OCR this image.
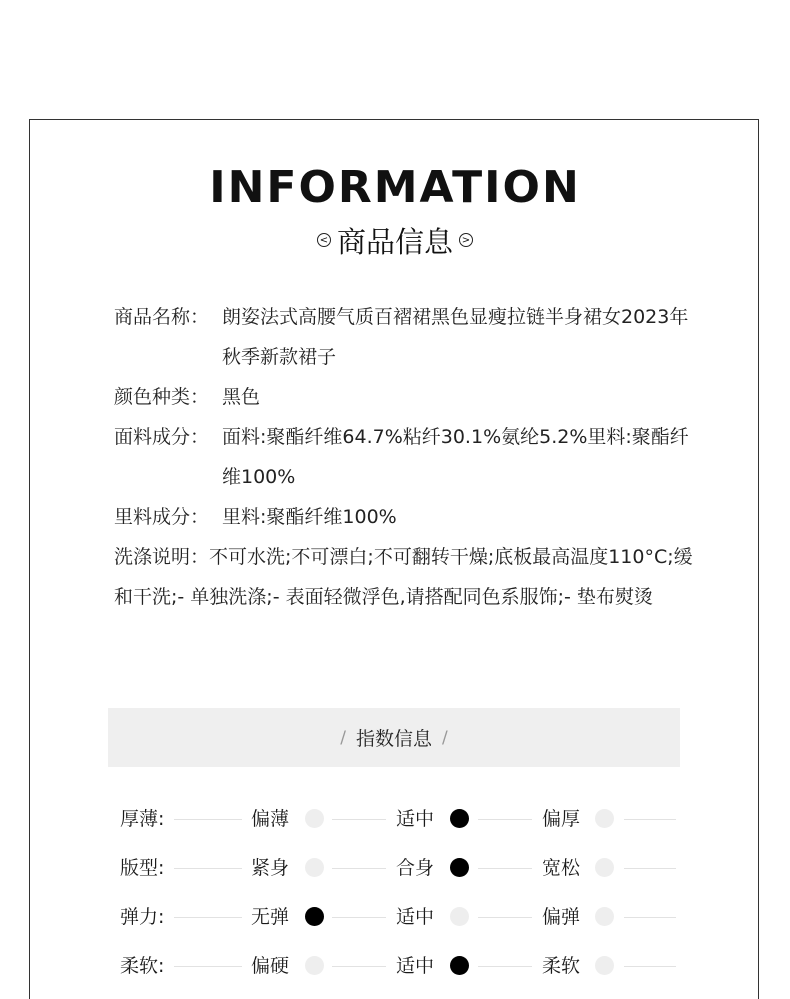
INFORMATION
< 商品信息 >
商品名称： 朗姿法式高腰气质百褶裙黑色显瘦拉链半身裙女2023年秋季新款裙子
颜色种类： 黑色
面料成分： 面料:聚酯纤维64.7%粘纤30.1%氨纶5.2%里料:聚酯纤维100%
里料成分： 里料:聚酯纤维100%
洗涤说明：不可水洗;不可漂白;不可翻转干燥;底板最高温度110°C;缓和干洗;- 单独洗涤;- 表面轻微浮色,请搭配同色系服饰;- 垫布熨烫
/ 指数信息 /
厚薄:	偏薄	适中	偏厚
版型:	紧身	合身	宽松
弹力:	无弹	适中	偏弹
柔软:	偏硬	适中	柔软
